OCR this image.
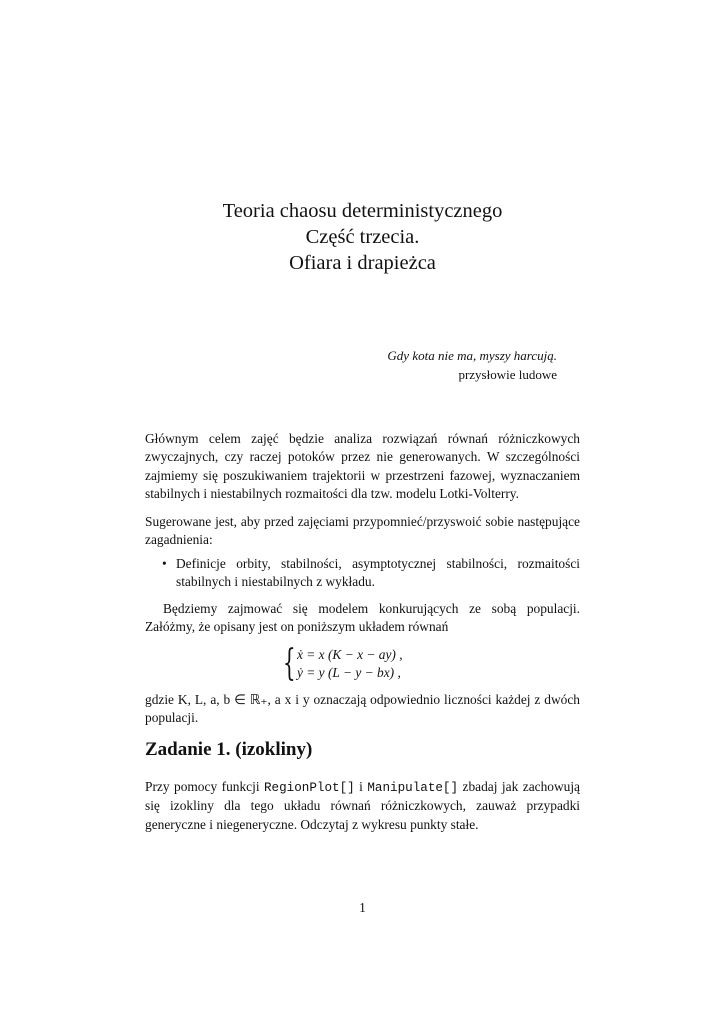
Teoria chaosu deterministycznego
Część trzecia.
Ofiara i drapieżca
Gdy kota nie ma, myszy harcują.
przysłowie ludowe

Głównym celem zajęć będzie analiza rozwiązań równań różniczkowych zwyczajnych, czy raczej potoków przez nie generowanych. W szczególności zajmiemy się poszukiwaniem trajektorii w przestrzeni fazowej, wyznaczaniem stabilnych i niestabilnych rozmaitości dla tzw. modelu Lotki-Volterry.

Sugerowane jest, aby przed zajęciami przypomnieć/przyswoić sobie następujące zagadnienia:

• Definicje orbity, stabilności, asymptotycznej stabilności, rozmaitości stabilnych i niestabilnych z wykładu.

Będziemy zajmować się modelem konkurujących ze sobą populacji. Załóżmy, że opisany jest on poniższym układem równań

{ ẋ = x (K − x − ay) ,
ẏ = y (L − y − bx) ,

gdzie K, L, a, b ∈ ℝ₊, a x i y oznaczają odpowiednio liczności każdej z dwóch populacji.

Zadanie 1. (izokliny)

Przy pomocy funkcji RegionPlot[] i Manipulate[] zbadaj jak zachowują się izokliny dla tego układu równań różniczkowych, zauważ przypadki generyczne i niegeneryczne. Odczytaj z wykresu punkty stałe.

1
